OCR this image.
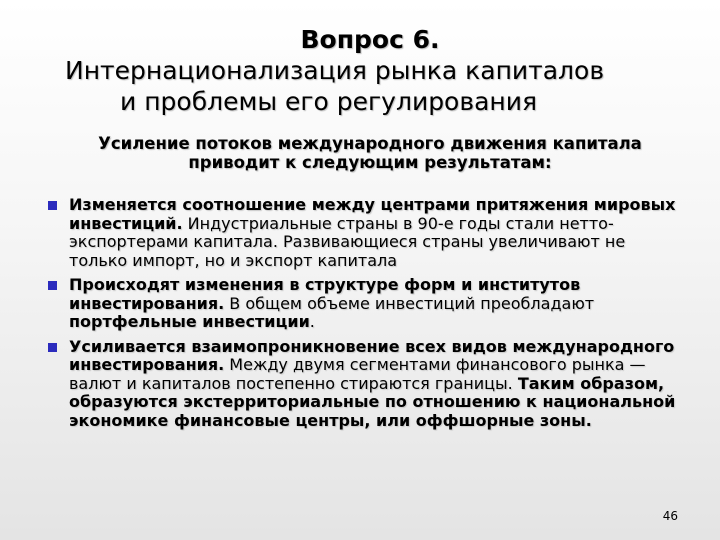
Вопрос 6.
Интернационализация рынка капиталов
и проблемы его регулирования
Усиление потоков международного движения капитала
приводит к следующим результатам:
Изменяется соотношение между центрами притяжения мировых инвестиций. Индустриальные страны в 90-е годы стали нетто-экспортерами капитала. Развивающиеся страны увеличивают не только импорт, но и экспорт капитала
Происходят изменения в структуре форм и институтов инвестирования. В общем объеме инвестиций преобладают портфельные инвестиции.
Усиливается взаимопроникновение всех видов международного инвестирования. Между двумя сегментами финансового рынка — валют и капиталов постепенно стираются границы. Таким образом, образуются экстерриториальные по отношению к национальной экономике финансовые центры, или оффшорные зоны.
46
